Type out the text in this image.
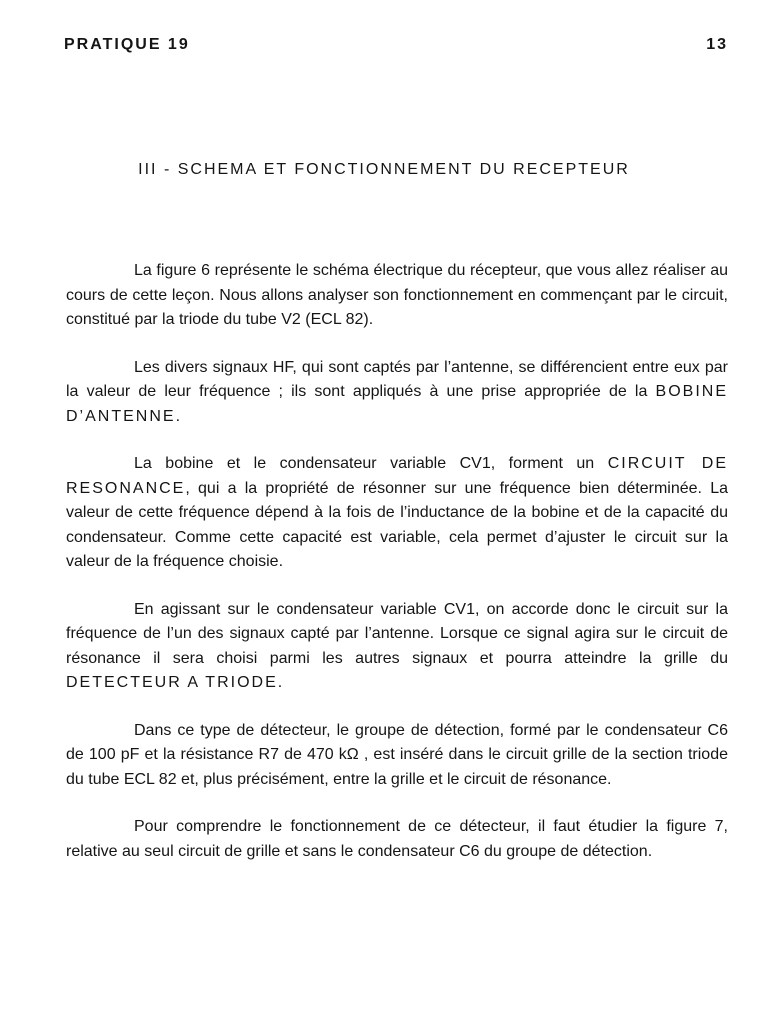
PRATIQUE 19	13
III - SCHEMA ET FONCTIONNEMENT DU RECEPTEUR

La figure 6 représente le schéma électrique du récepteur, que vous allez réaliser au cours de cette leçon. Nous allons analyser son fonctionnement en commençant par le circuit, constitué par la triode du tube V2 (ECL 82).

Les divers signaux HF, qui sont captés par l’antenne, se différencient entre eux par la valeur de leur fréquence ; ils sont appliqués à une prise appropriée de la BOBINE D’ANTENNE.

La bobine et le condensateur variable CV1, forment un CIRCUIT DE RESONANCE, qui a la propriété de résonner sur une fréquence bien déterminée. La valeur de cette fréquence dépend à la fois de l’inductance de la bobine et de la capacité du condensateur. Comme cette capacité est variable, cela permet d’ajuster le circuit sur la valeur de la fréquence choisie.

En agissant sur le condensateur variable CV1, on accorde donc le circuit sur la fréquence de l’un des signaux capté par l’antenne. Lorsque ce signal agira sur le circuit de résonance il sera choisi parmi les autres signaux et pourra atteindre la grille du DETECTEUR A TRIODE.

Dans ce type de détecteur, le groupe de détection, formé par le condensateur C6 de 100 pF et la résistance R7 de 470 kΩ , est inséré dans le circuit grille de la section triode du tube ECL 82 et, plus précisément, entre la grille et le circuit de résonance.

Pour comprendre le fonctionnement de ce détecteur, il faut étudier la figure 7, relative au seul circuit de grille et sans le condensateur C6 du groupe de détection.
